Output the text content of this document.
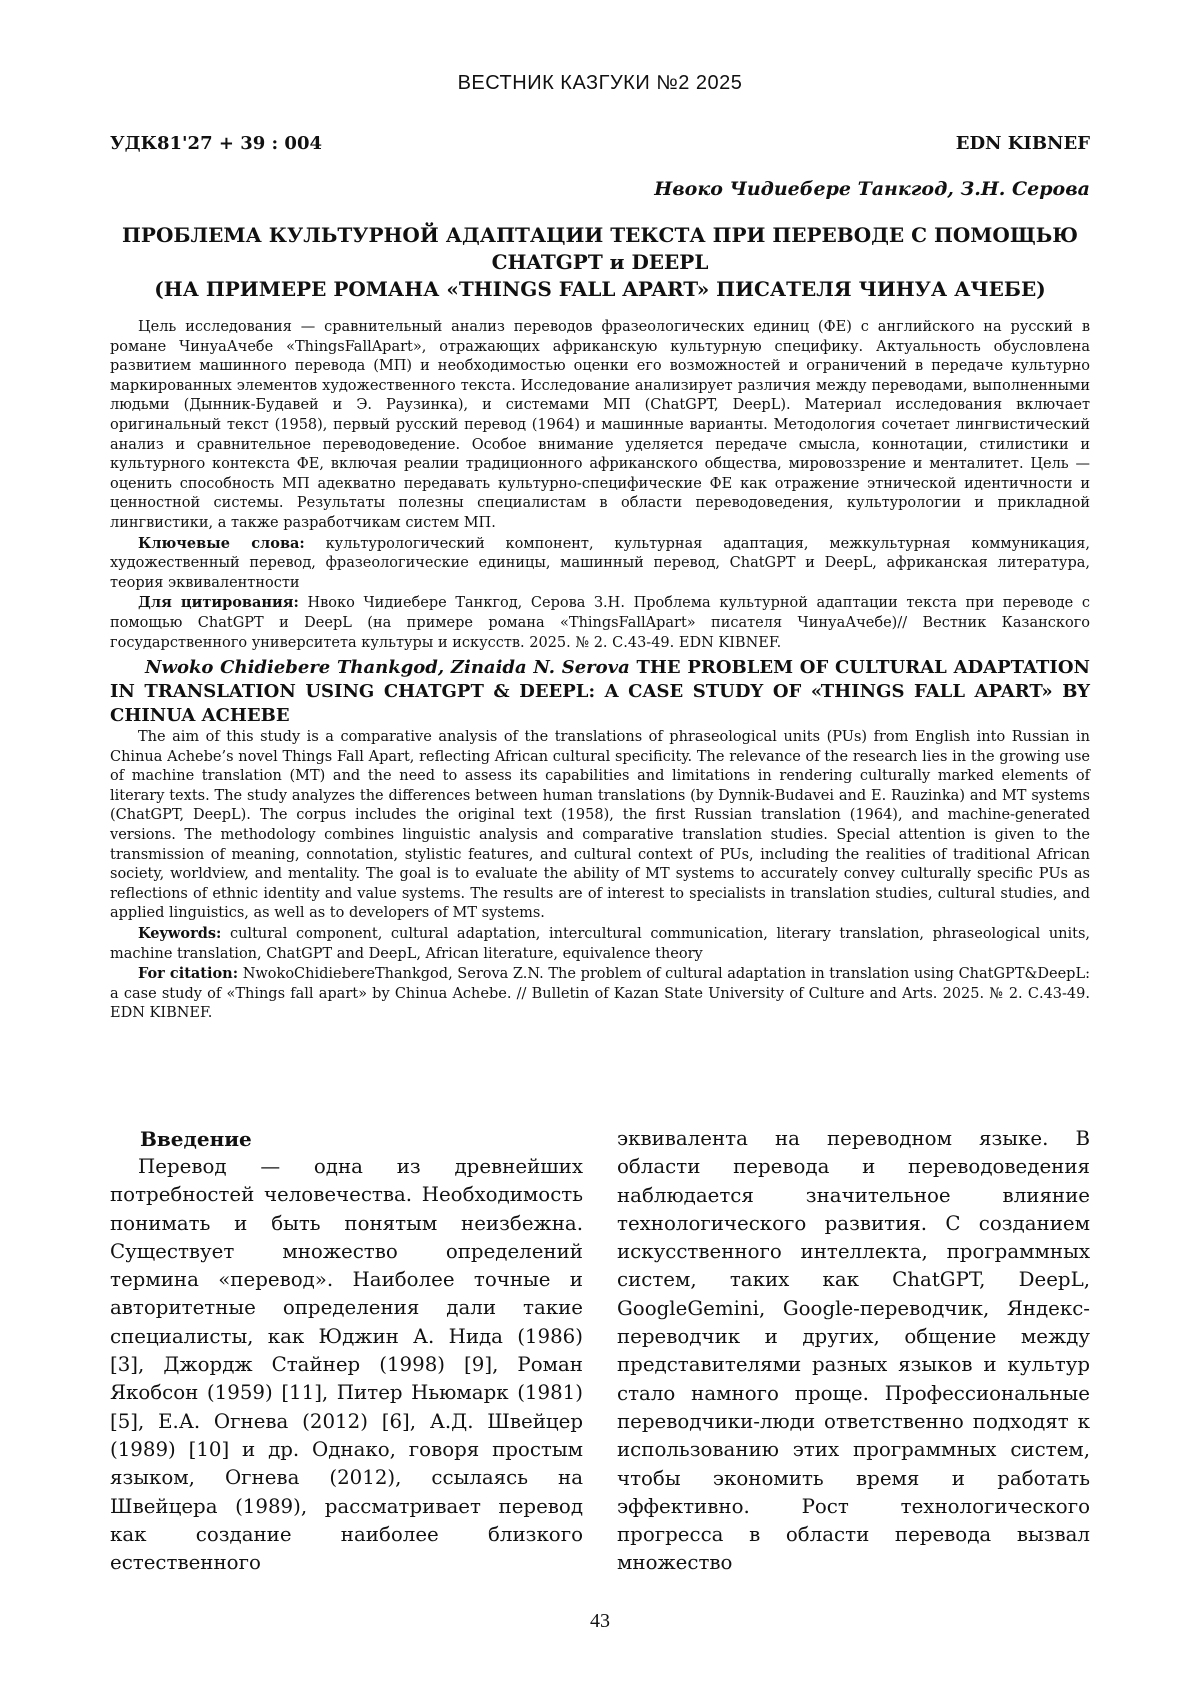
ВЕСТНИК КАЗГУКИ №2 2025
УДК81'27 + 39 : 004	EDN KIBNEF
Нвоко Чидиебере Танкгод, З.Н. Серова
ПРОБЛЕМА КУЛЬТУРНОЙ АДАПТАЦИИ ТЕКСТА ПРИ ПЕРЕВОДЕ С ПОМОЩЬЮ
CHATGPT и DEEPL
(НА ПРИМЕРЕ РОМАНА «THINGS FALL APART» ПИСАТЕЛЯ ЧИНУА АЧЕБЕ)

Цель исследования — сравнительный анализ переводов фразеологических единиц (ФЕ) с английского на русский в романе ЧинуаАчебе «ThingsFallApart», отражающих африканскую культурную специфику. Актуальность обусловлена развитием машинного перевода (МП) и необходимостью оценки его возможностей и ограничений в передаче культурно маркированных элементов художественного текста. Исследование анализирует различия между переводами, выполненными людьми (Дынник-Будавей и Э. Раузинка), и системами МП (ChatGPT, DeepL). Материал исследования включает оригинальный текст (1958), первый русский перевод (1964) и машинные варианты. Методология сочетает лингвистический анализ и сравнительное переводоведение. Особое внимание уделяется передаче смысла, коннотации, стилистики и культурного контекста ФЕ, включая реалии традиционного африканского общества, мировоззрение и менталитет. Цель — оценить способность МП адекватно передавать культурно-специфические ФЕ как отражение этнической идентичности и ценностной системы. Результаты полезны специалистам в области переводоведения, культурологии и прикладной лингвистики, а также разработчикам систем МП.

Ключевые слова: культурологический компонент, культурная адаптация, межкультурная коммуникация, художественный перевод, фразеологические единицы, машинный перевод, ChatGPT и DeepL, африканская литература, теория эквивалентности

Для цитирования: Нвоко Чидиебере Танкгод, Серова З.Н. Проблема культурной адаптации текста при переводе с помощью ChatGPT и DeepL (на примере романа «ThingsFallApart» писателя ЧинуаАчебе)// Вестник Казанского государственного университета культуры и искусств. 2025. № 2. С.43-49. EDN KIBNEF.

Nwoko Chidiebere Thankgod, Zinaida N. Serova THE PROBLEM OF CULTURAL ADAPTATION IN TRANSLATION USING CHATGPT & DEEPL: A CASE STUDY OF «THINGS FALL APART» BY CHINUA ACHEBE

The aim of this study is a comparative analysis of the translations of phraseological units (PUs) from English into Russian in Chinua Achebe’s novel Things Fall Apart, reflecting African cultural specificity. The relevance of the research lies in the growing use of machine translation (MT) and the need to assess its capabilities and limitations in rendering culturally marked elements of literary texts. The study analyzes the differences between human translations (by Dynnik-Budavei and E. Rauzinka) and MT systems (ChatGPT, DeepL). The corpus includes the original text (1958), the first Russian translation (1964), and machine-generated versions. The methodology combines linguistic analysis and comparative translation studies. Special attention is given to the transmission of meaning, connotation, stylistic features, and cultural context of PUs, including the realities of traditional African society, worldview, and mentality. The goal is to evaluate the ability of MT systems to accurately convey culturally specific PUs as reflections of ethnic identity and value systems. The results are of interest to specialists in translation studies, cultural studies, and applied linguistics, as well as to developers of MT systems.

Keywords: cultural component, cultural adaptation, intercultural communication, literary translation, phraseological units, machine translation, ChatGPT and DeepL, African literature, equivalence theory

For citation: NwokoChidiebereThankgod, Serova Z.N. The problem of cultural adaptation in translation using ChatGPT&DeepL: a case study of «Things fall apart» by Chinua Achebe. // Bulletin of Kazan State University of Culture and Arts. 2025. № 2. С.43-49. EDN KIBNEF.

Введение

Перевод — одна из древнейших потребностей человечества. Необходимость понимать и быть понятым неизбежна. Существует множество определений термина «перевод». Наиболее точные и авторитетные определения дали такие специалисты, как Юджин А. Нида (1986) [3], Джордж Стайнер (1998) [9], Роман Якобсон (1959) [11], Питер Ньюмарк (1981) [5], Е.А. Огнева (2012) [6], А.Д. Швейцер (1989) [10] и др. Однако, говоря простым языком, Огнева (2012), ссылаясь на Швейцера (1989), рассматривает перевод как создание наиболее близкого естественного

эквивалента на переводном языке. В области перевода и переводоведения наблюдается значительное влияние технологического развития. С созданием искусственного интеллекта, программных систем, таких как ChatGPT, DeepL, GoogleGemini, Google-переводчик, Яндекс-переводчик и других, общение между представителями разных языков и культур стало намного проще. Профессиональные переводчики-люди ответственно подходят к использованию этих программных систем, чтобы экономить время и работать эффективно. Рост технологического прогресса в области перевода вызвал множество

43
